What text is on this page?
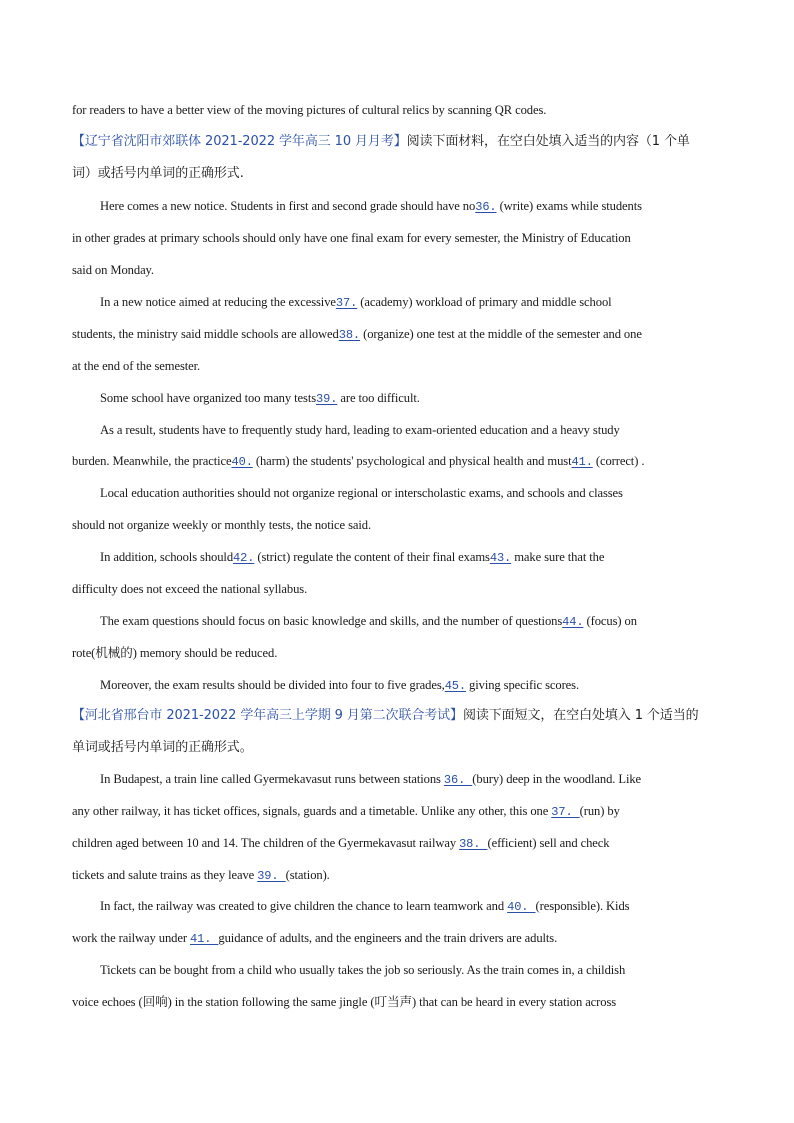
for readers to have a better view of the moving pictures of cultural relics by scanning QR codes.
【辽宁省沈阳市郊联体 2021-2022 学年高三 10 月月考】阅读下面材料，在空白处填入适当的内容（1 个单
词）或括号内单词的正确形式.
Here comes a new notice. Students in first and second grade should have no36. (write) exams while students
in other grades at primary schools should only have one final exam for every semester, the Ministry of Education
said on Monday.
In a new notice aimed at reducing the excessive37. (academy) workload of primary and middle school
students, the ministry said middle schools are allowed38. (organize) one test at the middle of the semester and one
at the end of the semester.
Some school have organized too many tests39. are too difficult.
As a result, students have to frequently study hard, leading to exam-oriented education and a heavy study
burden. Meanwhile, the practice40. (harm) the students' psychological and physical health and must41. (correct) .
Local education authorities should not organize regional or interscholastic exams, and schools and classes
should not organize weekly or monthly tests, the notice said.
In addition, schools should42. (strict) regulate the content of their final exams43. make sure that the
difficulty does not exceed the national syllabus.
The exam questions should focus on basic knowledge and skills, and the number of questions44. (focus) on
rote(机械的) memory should be reduced.
Moreover, the exam results should be divided into four to five grades,45. giving specific scores.
【河北省邢台市 2021-2022 学年高三上学期 9 月第二次联合考试】阅读下面短文，在空白处填入 1 个适当的
单词或括号内单词的正确形式。
In Budapest, a train line called Gyermekavasut runs between stations 36. (bury) deep in the woodland. Like
any other railway, it has ticket offices, signals, guards and a timetable. Unlike any other, this one 37. (run) by
children aged between 10 and 14. The children of the Gyermekavasut railway 38. (efficient) sell and check
tickets and salute trains as they leave 39. (station).
In fact, the railway was created to give children the chance to learn teamwork and 40. (responsible). Kids
work the railway under 41. guidance of adults, and the engineers and the train drivers are adults.
Tickets can be bought from a child who usually takes the job so seriously. As the train comes in, a childish
voice echoes (回响) in the station following the same jingle (叮当声) that can be heard in every station across
